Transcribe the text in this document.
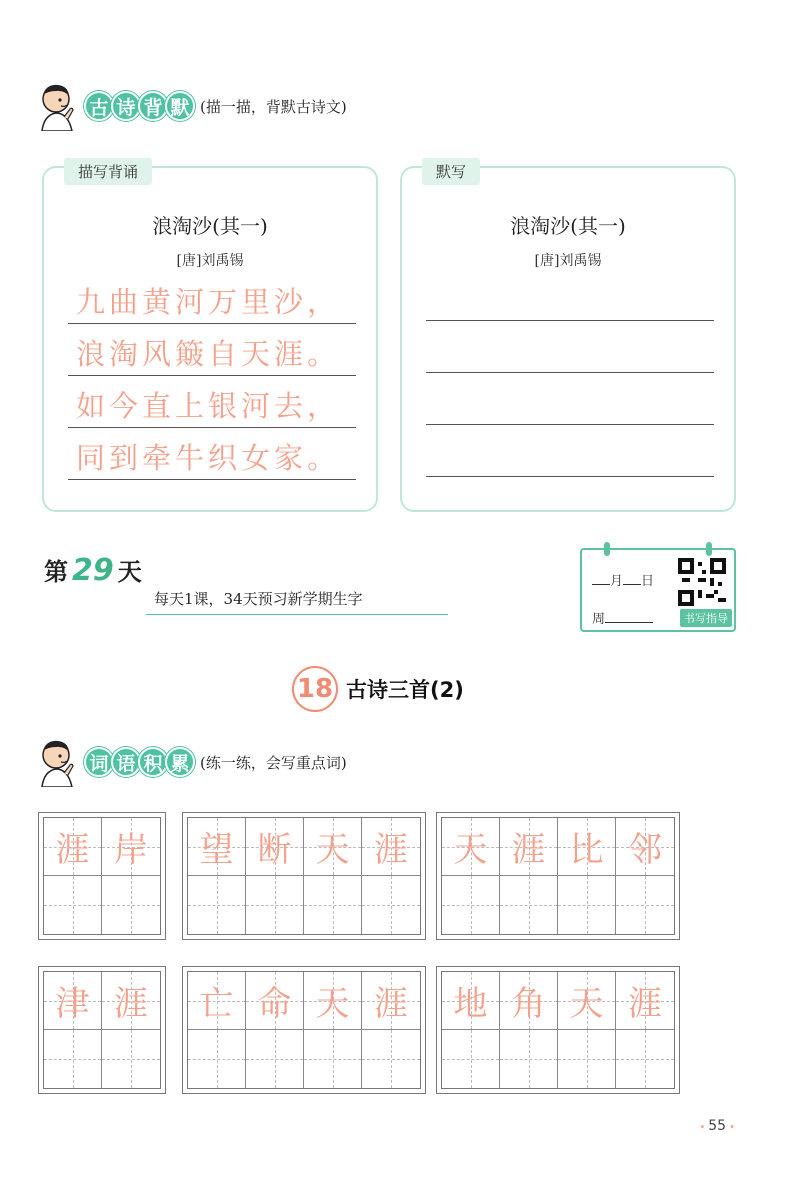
古 诗 背 默 (描一描，背默古诗文)
描写背诵
浪淘沙(其一)
[唐]刘禹锡
九曲黄河万里沙，
浪淘风簸自天涯。
如今直上银河去，
同到牵牛织女家。
默写
浪淘沙(其一)
[唐]刘禹锡
第 29 天
每天1课，34天预习新学期生字
月 日
周	书写指导
18 古诗三首(2)
词 语 积 累 (练一练，会写重点词)
涯 岸 望 断 天 涯 天 涯 比 邻
津 涯 亡 命 天 涯 地 角 天 涯
• 55 •
